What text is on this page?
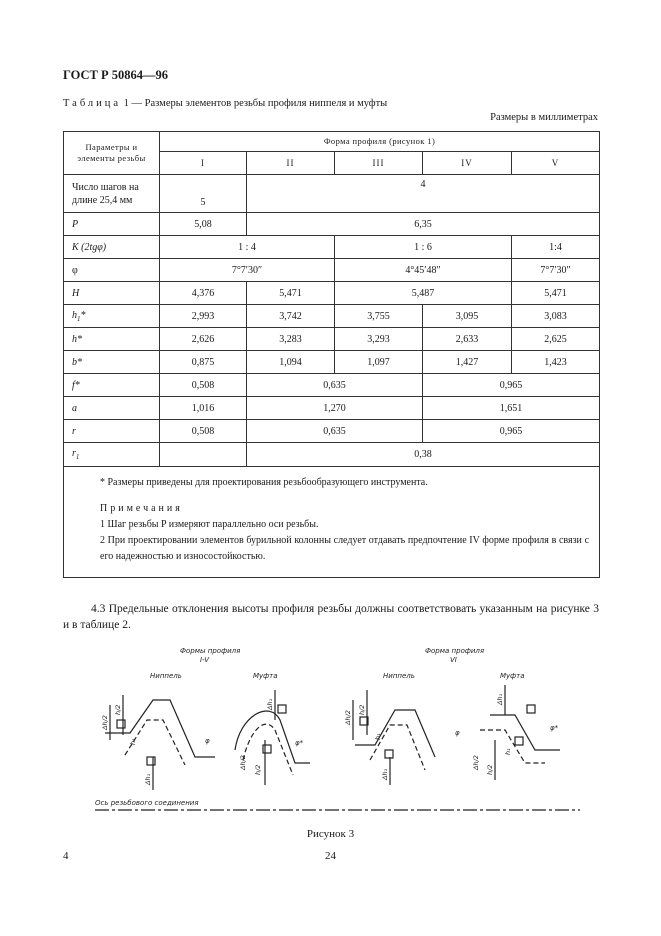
ГОСТ Р 50864—96
Таблица 1 — Размеры элементов резьбы профиля ниппеля и муфты
Размеры в миллиметрах
Параметры и элементы резьбы	Форма профиля (рисунок 1)				
	I	II	III	IV	V
Число шагов на длине 25,4 мм	5	4			
P	5,08	6,35			
K (2tgφ)	1 : 4		1 : 6		1:4
φ	7°7′30″		4°45′48″		7°7′30″
H	4,376	5,471	5,487		5,471
$h_1*$	2,993	3,742	3,755	3,095	3,083
h*	2,626	3,283	3,293	2,633	2,625
b*	0,875	1,094	1,097	1,427	1,423
f*	0,508	0,635		0,965	
a	1,016	1,270		1,651	
r	0,508	0,635		0,965	
$r_1$		0,38			

* Размеры приведены для проектирования резьбообразующего инструмента.
Примечания
1 Шаг резьбы P измеряют параллельно оси резьбы.
2 При проектировании элементов бурильной колонны следует отдавать предпочтение IV форме профиля в связи с его надежностью и износостойкостью.					
4.3 Предельные отклонения высоты профиля резьбы должны соответствовать указанным на рисунке 3 и в таблице 2.
Формы профиля
I-V
Форма профиля
VI
Ниппель	Муфта	Ниппель	Муфта
Ось резьбового соединения
φ	φ*
φ
φ*
Δh/2
h/2
h₁
Δh₁
Δh₁
h/2
Δh/2
Δh/2
h/2
h₁
Δh₁
Δh₁
h/2
Δh/2
h₁
Рисунок 3
4	24
